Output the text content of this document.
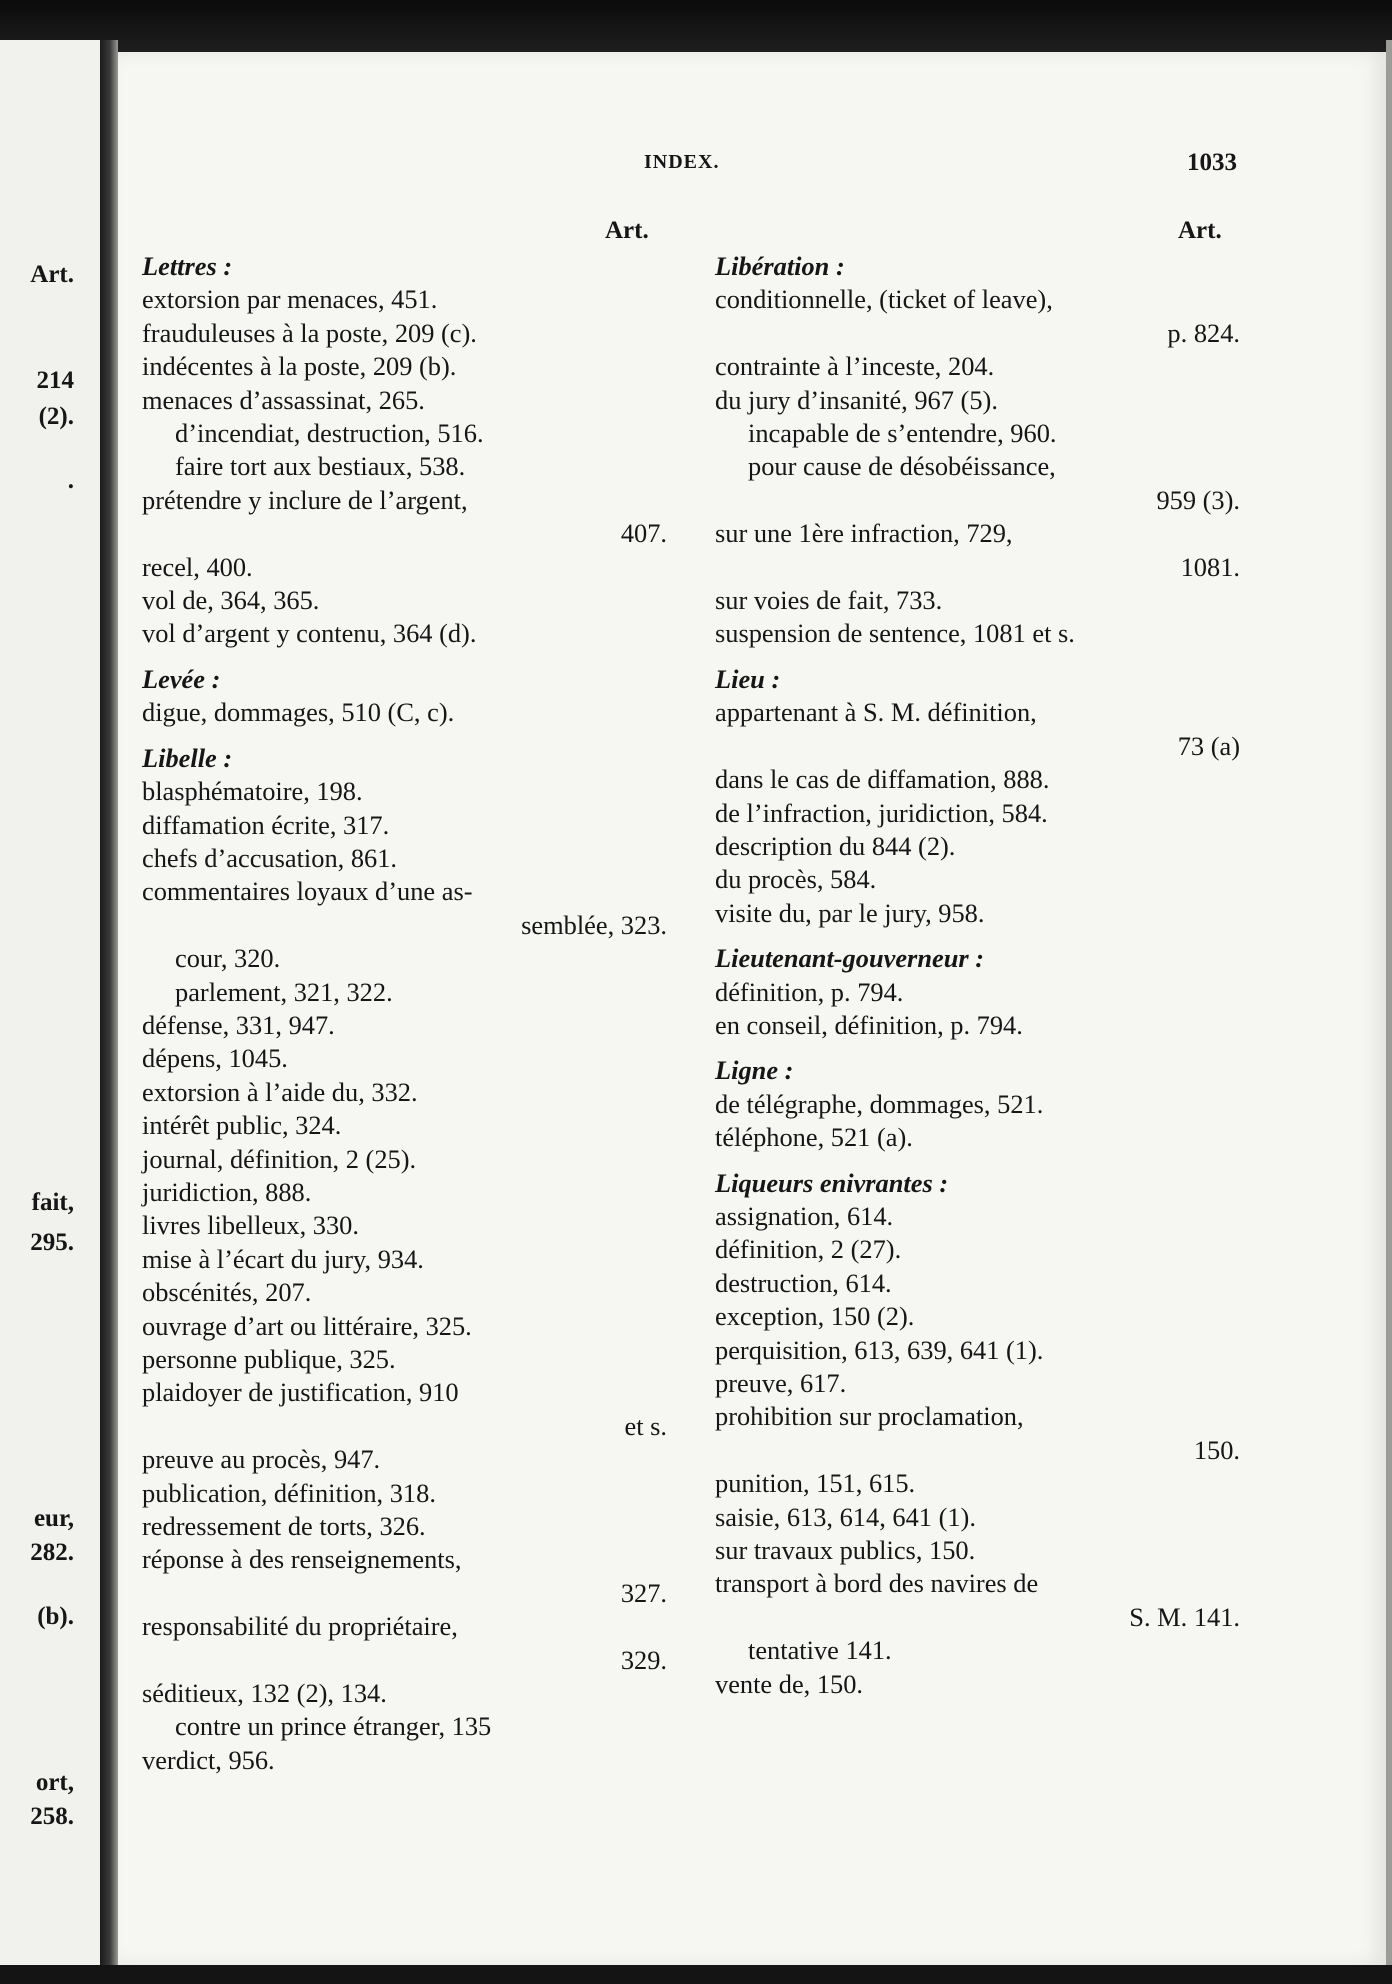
Art.
214
(2).
.
fait,
295.
eur,
282.
(b).
ort,
258.
INDEX.	1033
Art.	Art.
Lettres :
extorsion par menaces, 451.
frauduleuses à la poste, 209 (c).
indécentes à la poste, 209 (b).
menaces d’assassinat, 265.
d’incendiat, destruction, 516.
faire tort aux bestiaux, 538.
prétendre y inclure de l’argent,
407.
recel, 400.
vol de, 364, 365.
vol d’argent y contenu, 364 (d).
Levée :
digue, dommages, 510 (C, c).
Libelle :
blasphématoire, 198.
diffamation écrite, 317.
chefs d’accusation, 861.
commentaires loyaux d’une as-
semblée, 323.
cour, 320.
parlement, 321, 322.
défense, 331, 947.
dépens, 1045.
extorsion à l’aide du, 332.
intérêt public, 324.
journal, définition, 2 (25).
juridiction, 888.
livres libelleux, 330.
mise à l’écart du jury, 934.
obscénités, 207.
ouvrage d’art ou littéraire, 325.
personne publique, 325.
plaidoyer de justification, 910
et s.
preuve au procès, 947.
publication, définition, 318.
redressement de torts, 326.
réponse à des renseignements,
327.
responsabilité du propriétaire,
329.
séditieux, 132 (2), 134.
contre un prince étranger, 135
verdict, 956.
Libération :
conditionnelle, (ticket of leave),
p. 824.
contrainte à l’inceste, 204.
du jury d’insanité, 967 (5).
incapable de s’entendre, 960.
pour cause de désobéissance,
959 (3).
sur une 1ère infraction, 729,
1081.
sur voies de fait, 733.
suspension de sentence, 1081 et s.
Lieu :
appartenant à S. M. définition,
73 (a)
dans le cas de diffamation, 888.
de l’infraction, juridiction, 584.
description du 844 (2).
du procès, 584.
visite du, par le jury, 958.
Lieutenant-gouverneur :
définition, p. 794.
en conseil, définition, p. 794.
Ligne :
de télégraphe, dommages, 521.
téléphone, 521 (a).
Liqueurs enivrantes :
assignation, 614.
définition, 2 (27).
destruction, 614.
exception, 150 (2).
perquisition, 613, 639, 641 (1).
preuve, 617.
prohibition sur proclamation,
150.
punition, 151, 615.
saisie, 613, 614, 641 (1).
sur travaux publics, 150.
transport à bord des navires de
S. M. 141.
tentative 141.
vente de, 150.
